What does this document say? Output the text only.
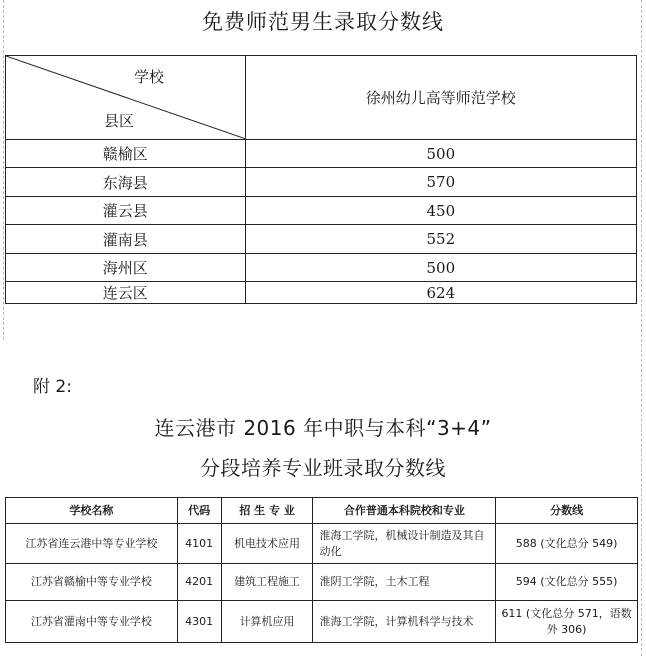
免费师范男生录取分数线
学校
县区	徐州幼儿高等师范学校
赣榆区	500
东海县	570
灌云县	450
灌南县	552
海州区	500
连云区	624
附 2:
连云港市 2016 年中职与本科“3+4”
分段培养专业班录取分数线
学校名称	代码	招 生 专 业	合作普通本科院校和专业	分数线
江苏省连云港中等专业学校	4101	机电技术应用	淮海工学院，机械设计制造及其自动化	588 (文化总分 549)
江苏省赣榆中等专业学校	4201	建筑工程施工	淮阴工学院，土木工程	594 (文化总分 555)
江苏省灌南中等专业学校	4301	计算机应用	淮海工学院，计算机科学与技术	611 (文化总分 571，语数外 306)
